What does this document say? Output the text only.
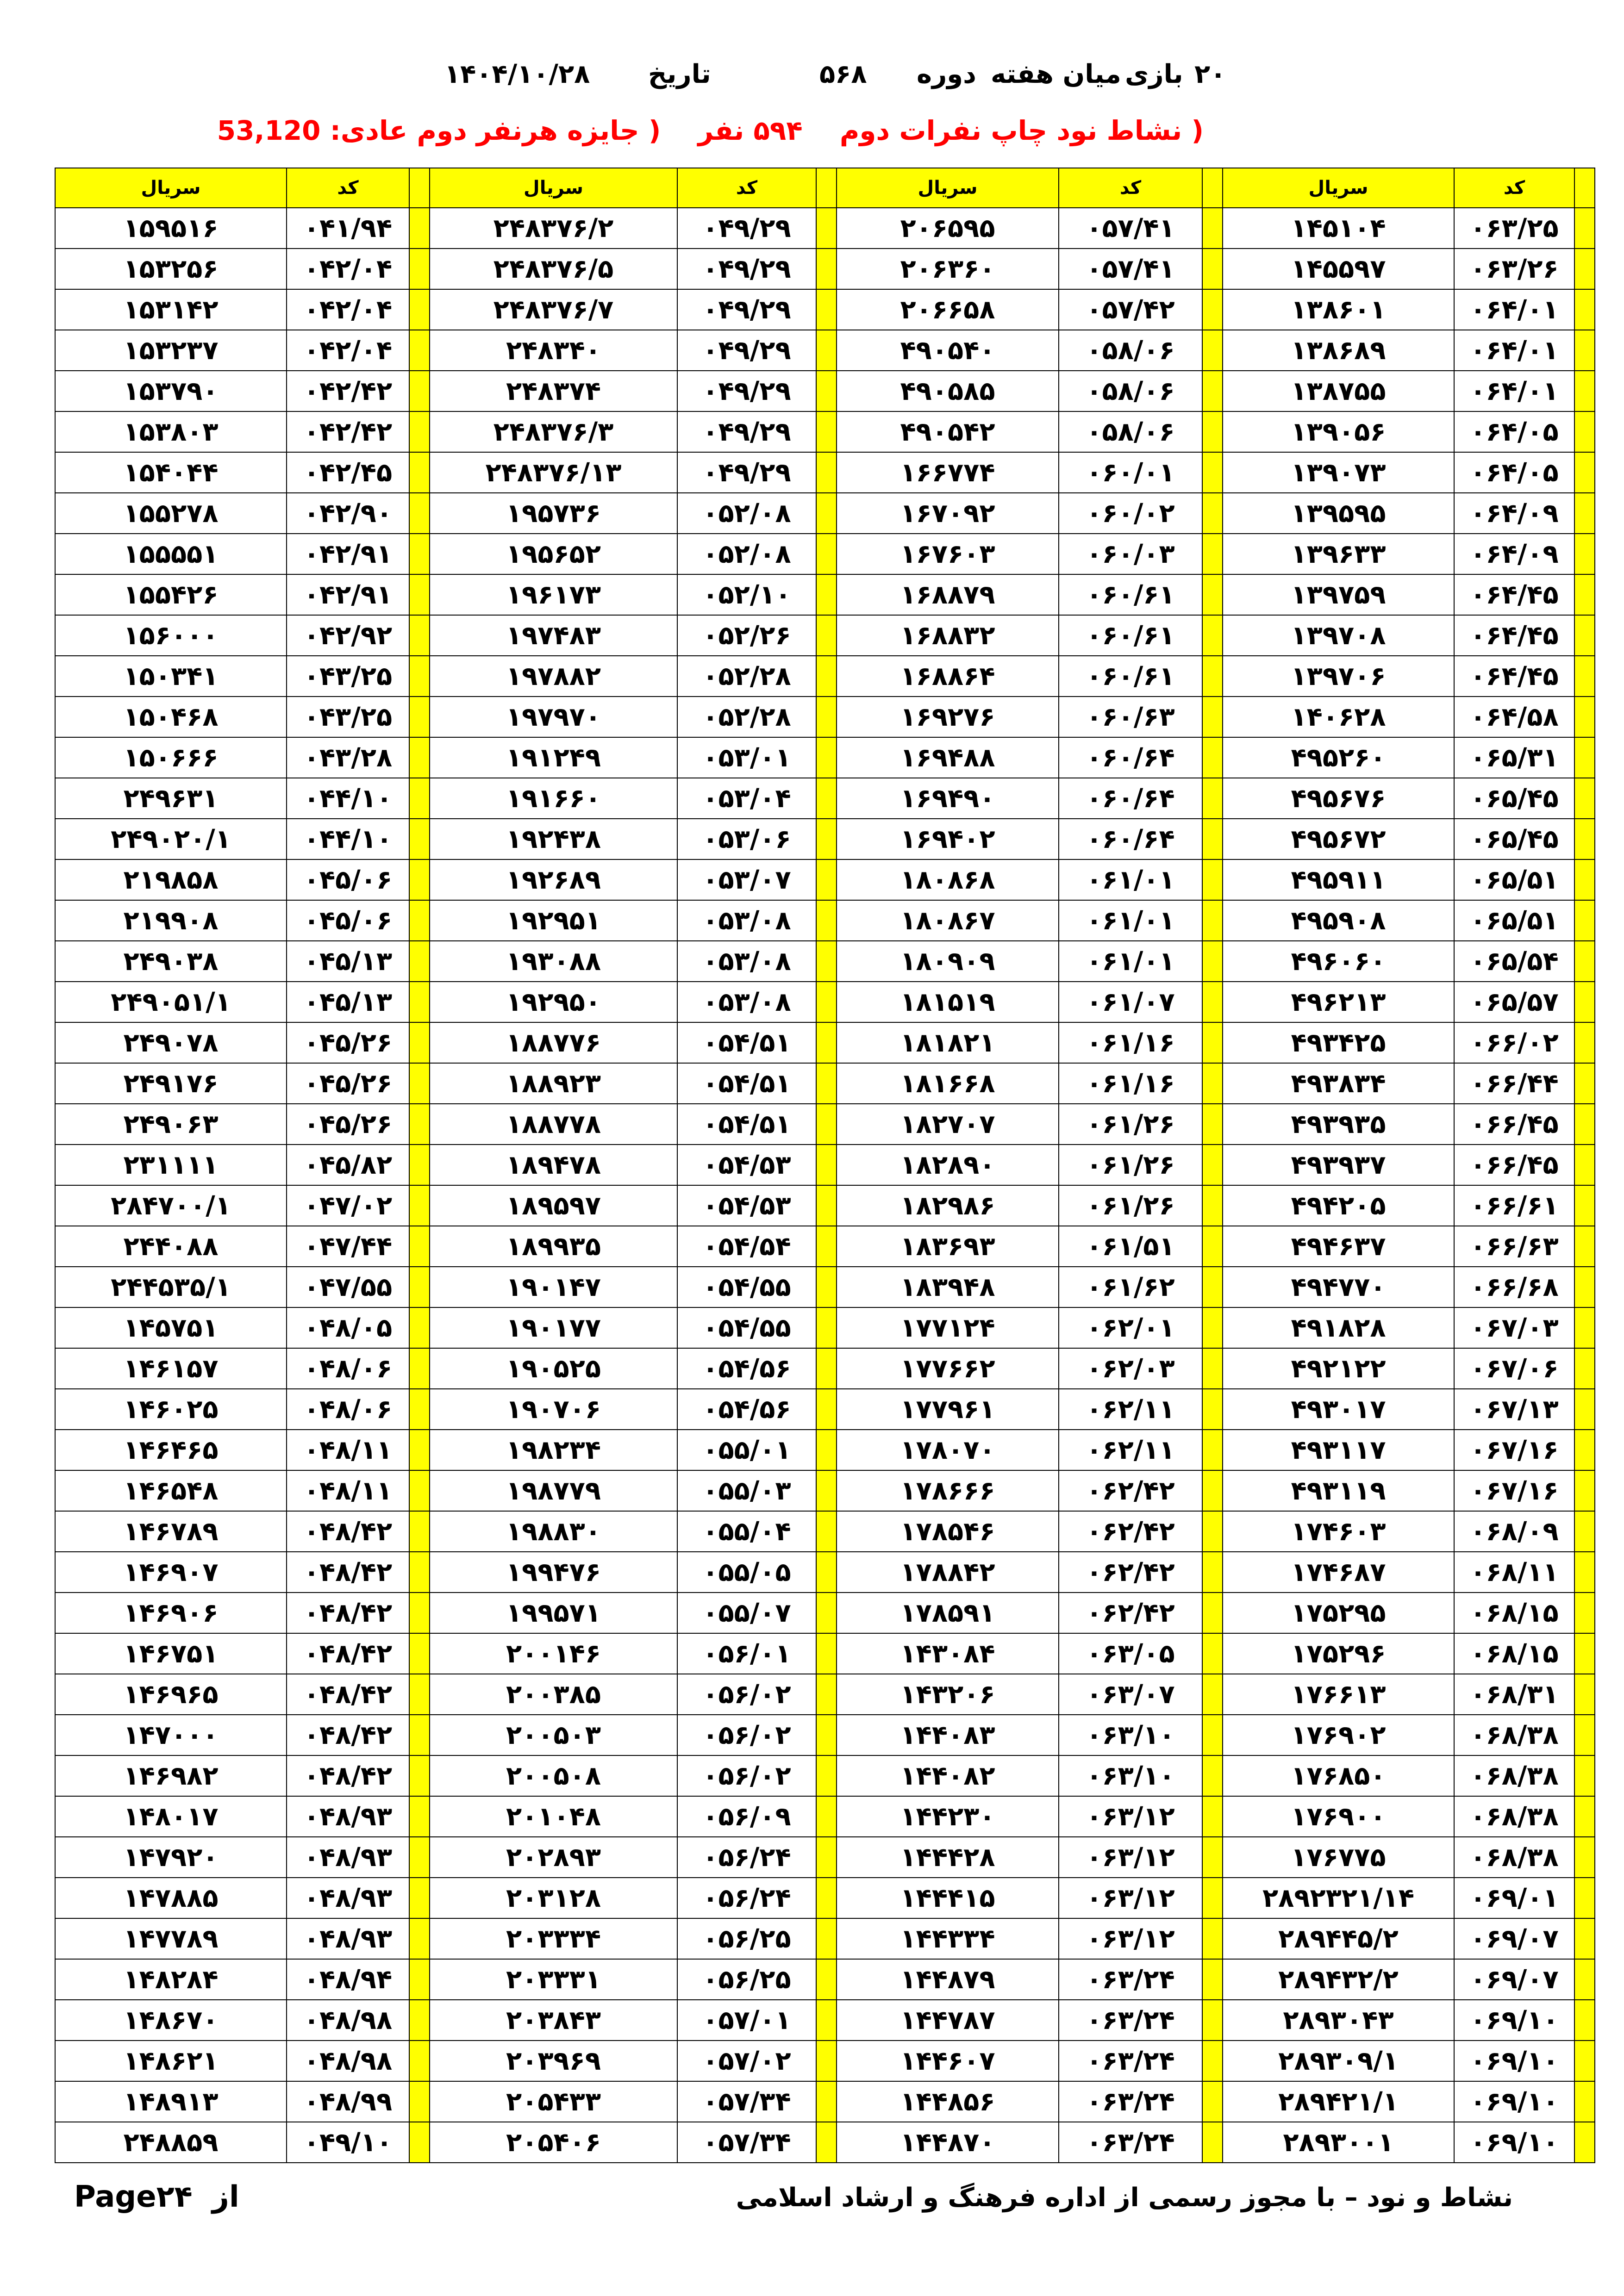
۲۰
بازی
میان هفته
دوره
۵۶۸
تاریخ
۱۴۰۴/۱۰/۲۸
( نشاط نود چاپ نفرات دوم ۵۹۴ نفر ( جایزه هرنفر دوم عادی: 53,120
سریال	کد		سریال	کد		سریال	کد		سریال	کد	
۱۵۹۵۱۶	۰۴۱/۹۴		۲۴۸۳۷۶/۲	۰۴۹/۲۹		۲۰۶۵۹۵	۰۵۷/۴۱		۱۴۵۱۰۴	۰۶۳/۲۵	
۱۵۳۲۵۶	۰۴۲/۰۴		۲۴۸۳۷۶/۵	۰۴۹/۲۹		۲۰۶۳۶۰	۰۵۷/۴۱		۱۴۵۵۹۷	۰۶۳/۲۶	
۱۵۳۱۴۲	۰۴۲/۰۴		۲۴۸۳۷۶/۷	۰۴۹/۲۹		۲۰۶۶۵۸	۰۵۷/۴۲		۱۳۸۶۰۱	۰۶۴/۰۱	
۱۵۳۲۳۷	۰۴۲/۰۴		۲۴۸۳۴۰	۰۴۹/۲۹		۴۹۰۵۴۰	۰۵۸/۰۶		۱۳۸۶۸۹	۰۶۴/۰۱	
۱۵۳۷۹۰	۰۴۲/۴۲		۲۴۸۳۷۴	۰۴۹/۲۹		۴۹۰۵۸۵	۰۵۸/۰۶		۱۳۸۷۵۵	۰۶۴/۰۱	
۱۵۳۸۰۳	۰۴۲/۴۲		۲۴۸۳۷۶/۳	۰۴۹/۲۹		۴۹۰۵۴۲	۰۵۸/۰۶		۱۳۹۰۵۶	۰۶۴/۰۵	
۱۵۴۰۴۴	۰۴۲/۴۵		۲۴۸۳۷۶/۱۳	۰۴۹/۲۹		۱۶۶۷۷۴	۰۶۰/۰۱		۱۳۹۰۷۳	۰۶۴/۰۵	
۱۵۵۲۷۸	۰۴۲/۹۰		۱۹۵۷۳۶	۰۵۲/۰۸		۱۶۷۰۹۲	۰۶۰/۰۲		۱۳۹۵۹۵	۰۶۴/۰۹	
۱۵۵۵۵۱	۰۴۲/۹۱		۱۹۵۶۵۲	۰۵۲/۰۸		۱۶۷۶۰۳	۰۶۰/۰۳		۱۳۹۶۳۳	۰۶۴/۰۹	
۱۵۵۴۲۶	۰۴۲/۹۱		۱۹۶۱۷۳	۰۵۲/۱۰		۱۶۸۸۷۹	۰۶۰/۶۱		۱۳۹۷۵۹	۰۶۴/۴۵	
۱۵۶۰۰۰	۰۴۲/۹۲		۱۹۷۴۸۳	۰۵۲/۲۶		۱۶۸۸۳۲	۰۶۰/۶۱		۱۳۹۷۰۸	۰۶۴/۴۵	
۱۵۰۳۴۱	۰۴۳/۲۵		۱۹۷۸۸۲	۰۵۲/۲۸		۱۶۸۸۶۴	۰۶۰/۶۱		۱۳۹۷۰۶	۰۶۴/۴۵	
۱۵۰۴۶۸	۰۴۳/۲۵		۱۹۷۹۷۰	۰۵۲/۲۸		۱۶۹۲۷۶	۰۶۰/۶۳		۱۴۰۶۲۸	۰۶۴/۵۸	
۱۵۰۶۶۶	۰۴۳/۲۸		۱۹۱۲۴۹	۰۵۳/۰۱		۱۶۹۴۸۸	۰۶۰/۶۴		۴۹۵۲۶۰	۰۶۵/۳۱	
۲۴۹۶۳۱	۰۴۴/۱۰		۱۹۱۶۶۰	۰۵۳/۰۴		۱۶۹۴۹۰	۰۶۰/۶۴		۴۹۵۶۷۶	۰۶۵/۴۵	
۲۴۹۰۲۰/۱	۰۴۴/۱۰		۱۹۲۴۳۸	۰۵۳/۰۶		۱۶۹۴۰۲	۰۶۰/۶۴		۴۹۵۶۷۲	۰۶۵/۴۵	
۲۱۹۸۵۸	۰۴۵/۰۶		۱۹۲۶۸۹	۰۵۳/۰۷		۱۸۰۸۶۸	۰۶۱/۰۱		۴۹۵۹۱۱	۰۶۵/۵۱	
۲۱۹۹۰۸	۰۴۵/۰۶		۱۹۲۹۵۱	۰۵۳/۰۸		۱۸۰۸۶۷	۰۶۱/۰۱		۴۹۵۹۰۸	۰۶۵/۵۱	
۲۴۹۰۳۸	۰۴۵/۱۳		۱۹۳۰۸۸	۰۵۳/۰۸		۱۸۰۹۰۹	۰۶۱/۰۱		۴۹۶۰۶۰	۰۶۵/۵۴	
۲۴۹۰۵۱/۱	۰۴۵/۱۳		۱۹۲۹۵۰	۰۵۳/۰۸		۱۸۱۵۱۹	۰۶۱/۰۷		۴۹۶۲۱۳	۰۶۵/۵۷	
۲۴۹۰۷۸	۰۴۵/۲۶		۱۸۸۷۷۶	۰۵۴/۵۱		۱۸۱۸۲۱	۰۶۱/۱۶		۴۹۳۴۲۵	۰۶۶/۰۲	
۲۴۹۱۷۶	۰۴۵/۲۶		۱۸۸۹۲۳	۰۵۴/۵۱		۱۸۱۶۶۸	۰۶۱/۱۶		۴۹۳۸۳۴	۰۶۶/۴۴	
۲۴۹۰۶۳	۰۴۵/۲۶		۱۸۸۷۷۸	۰۵۴/۵۱		۱۸۲۷۰۷	۰۶۱/۲۶		۴۹۳۹۳۵	۰۶۶/۴۵	
۲۳۱۱۱۱	۰۴۵/۸۲		۱۸۹۴۷۸	۰۵۴/۵۳		۱۸۲۸۹۰	۰۶۱/۲۶		۴۹۳۹۳۷	۰۶۶/۴۵	
۲۸۴۷۰۰/۱	۰۴۷/۰۲		۱۸۹۵۹۷	۰۵۴/۵۳		۱۸۲۹۸۶	۰۶۱/۲۶		۴۹۴۲۰۵	۰۶۶/۶۱	
۲۴۴۰۸۸	۰۴۷/۴۴		۱۸۹۹۳۵	۰۵۴/۵۴		۱۸۳۶۹۳	۰۶۱/۵۱		۴۹۴۶۳۷	۰۶۶/۶۳	
۲۴۴۵۳۵/۱	۰۴۷/۵۵		۱۹۰۱۴۷	۰۵۴/۵۵		۱۸۳۹۴۸	۰۶۱/۶۲		۴۹۴۷۷۰	۰۶۶/۶۸	
۱۴۵۷۵۱	۰۴۸/۰۵		۱۹۰۱۷۷	۰۵۴/۵۵		۱۷۷۱۲۴	۰۶۲/۰۱		۴۹۱۸۲۸	۰۶۷/۰۳	
۱۴۶۱۵۷	۰۴۸/۰۶		۱۹۰۵۲۵	۰۵۴/۵۶		۱۷۷۶۶۲	۰۶۲/۰۳		۴۹۲۱۲۲	۰۶۷/۰۶	
۱۴۶۰۲۵	۰۴۸/۰۶		۱۹۰۷۰۶	۰۵۴/۵۶		۱۷۷۹۶۱	۰۶۲/۱۱		۴۹۳۰۱۷	۰۶۷/۱۳	
۱۴۶۴۶۵	۰۴۸/۱۱		۱۹۸۲۳۴	۰۵۵/۰۱		۱۷۸۰۷۰	۰۶۲/۱۱		۴۹۳۱۱۷	۰۶۷/۱۶	
۱۴۶۵۴۸	۰۴۸/۱۱		۱۹۸۷۷۹	۰۵۵/۰۳		۱۷۸۶۶۶	۰۶۲/۴۲		۴۹۳۱۱۹	۰۶۷/۱۶	
۱۴۶۷۸۹	۰۴۸/۴۲		۱۹۸۸۳۰	۰۵۵/۰۴		۱۷۸۵۴۶	۰۶۲/۴۲		۱۷۴۶۰۳	۰۶۸/۰۹	
۱۴۶۹۰۷	۰۴۸/۴۲		۱۹۹۴۷۶	۰۵۵/۰۵		۱۷۸۸۴۲	۰۶۲/۴۲		۱۷۴۶۸۷	۰۶۸/۱۱	
۱۴۶۹۰۶	۰۴۸/۴۲		۱۹۹۵۷۱	۰۵۵/۰۷		۱۷۸۵۹۱	۰۶۲/۴۲		۱۷۵۲۹۵	۰۶۸/۱۵	
۱۴۶۷۵۱	۰۴۸/۴۲		۲۰۰۱۴۶	۰۵۶/۰۱		۱۴۳۰۸۴	۰۶۳/۰۵		۱۷۵۲۹۶	۰۶۸/۱۵	
۱۴۶۹۶۵	۰۴۸/۴۲		۲۰۰۳۸۵	۰۵۶/۰۲		۱۴۳۲۰۶	۰۶۳/۰۷		۱۷۶۶۱۳	۰۶۸/۳۱	
۱۴۷۰۰۰	۰۴۸/۴۲		۲۰۰۵۰۳	۰۵۶/۰۲		۱۴۴۰۸۳	۰۶۳/۱۰		۱۷۶۹۰۲	۰۶۸/۳۸	
۱۴۶۹۸۲	۰۴۸/۴۲		۲۰۰۵۰۸	۰۵۶/۰۲		۱۴۴۰۸۲	۰۶۳/۱۰		۱۷۶۸۵۰	۰۶۸/۳۸	
۱۴۸۰۱۷	۰۴۸/۹۳		۲۰۱۰۴۸	۰۵۶/۰۹		۱۴۴۲۳۰	۰۶۳/۱۲		۱۷۶۹۰۰	۰۶۸/۳۸	
۱۴۷۹۲۰	۰۴۸/۹۳		۲۰۲۸۹۳	۰۵۶/۲۴		۱۴۴۴۲۸	۰۶۳/۱۲		۱۷۶۷۷۵	۰۶۸/۳۸	
۱۴۷۸۸۵	۰۴۸/۹۳		۲۰۳۱۲۸	۰۵۶/۲۴		۱۴۴۴۱۵	۰۶۳/۱۲		۲۸۹۲۳۲۱/۱۴	۰۶۹/۰۱	
۱۴۷۷۸۹	۰۴۸/۹۳		۲۰۳۳۳۴	۰۵۶/۲۵		۱۴۴۳۳۴	۰۶۳/۱۲		۲۸۹۴۴۵/۲	۰۶۹/۰۷	
۱۴۸۲۸۴	۰۴۸/۹۴		۲۰۳۳۳۱	۰۵۶/۲۵		۱۴۴۸۷۹	۰۶۳/۲۴		۲۸۹۴۳۲/۲	۰۶۹/۰۷	
۱۴۸۶۷۰	۰۴۸/۹۸		۲۰۳۸۴۳	۰۵۷/۰۱		۱۴۴۷۸۷	۰۶۳/۲۴		۲۸۹۳۰۴۳	۰۶۹/۱۰	
۱۴۸۶۲۱	۰۴۸/۹۸		۲۰۳۹۶۹	۰۵۷/۰۲		۱۴۴۶۰۷	۰۶۳/۲۴		۲۸۹۳۰۹/۱	۰۶۹/۱۰	
۱۴۸۹۱۳	۰۴۸/۹۹		۲۰۵۴۳۳	۰۵۷/۳۴		۱۴۴۸۵۶	۰۶۳/۲۴		۲۸۹۴۲۱/۱	۰۶۹/۱۰	
۲۴۸۸۵۹	۰۴۹/۱۰		۲۰۵۴۰۶	۰۵۷/۳۴		۱۴۴۸۷۰	۰۶۳/۲۴		۲۸۹۳۰۰۱	۰۶۹/۱۰	
Page۲۴ از	نشاط و نود – با مجوز رسمی از اداره فرهنگ و ارشاد اسلامی
